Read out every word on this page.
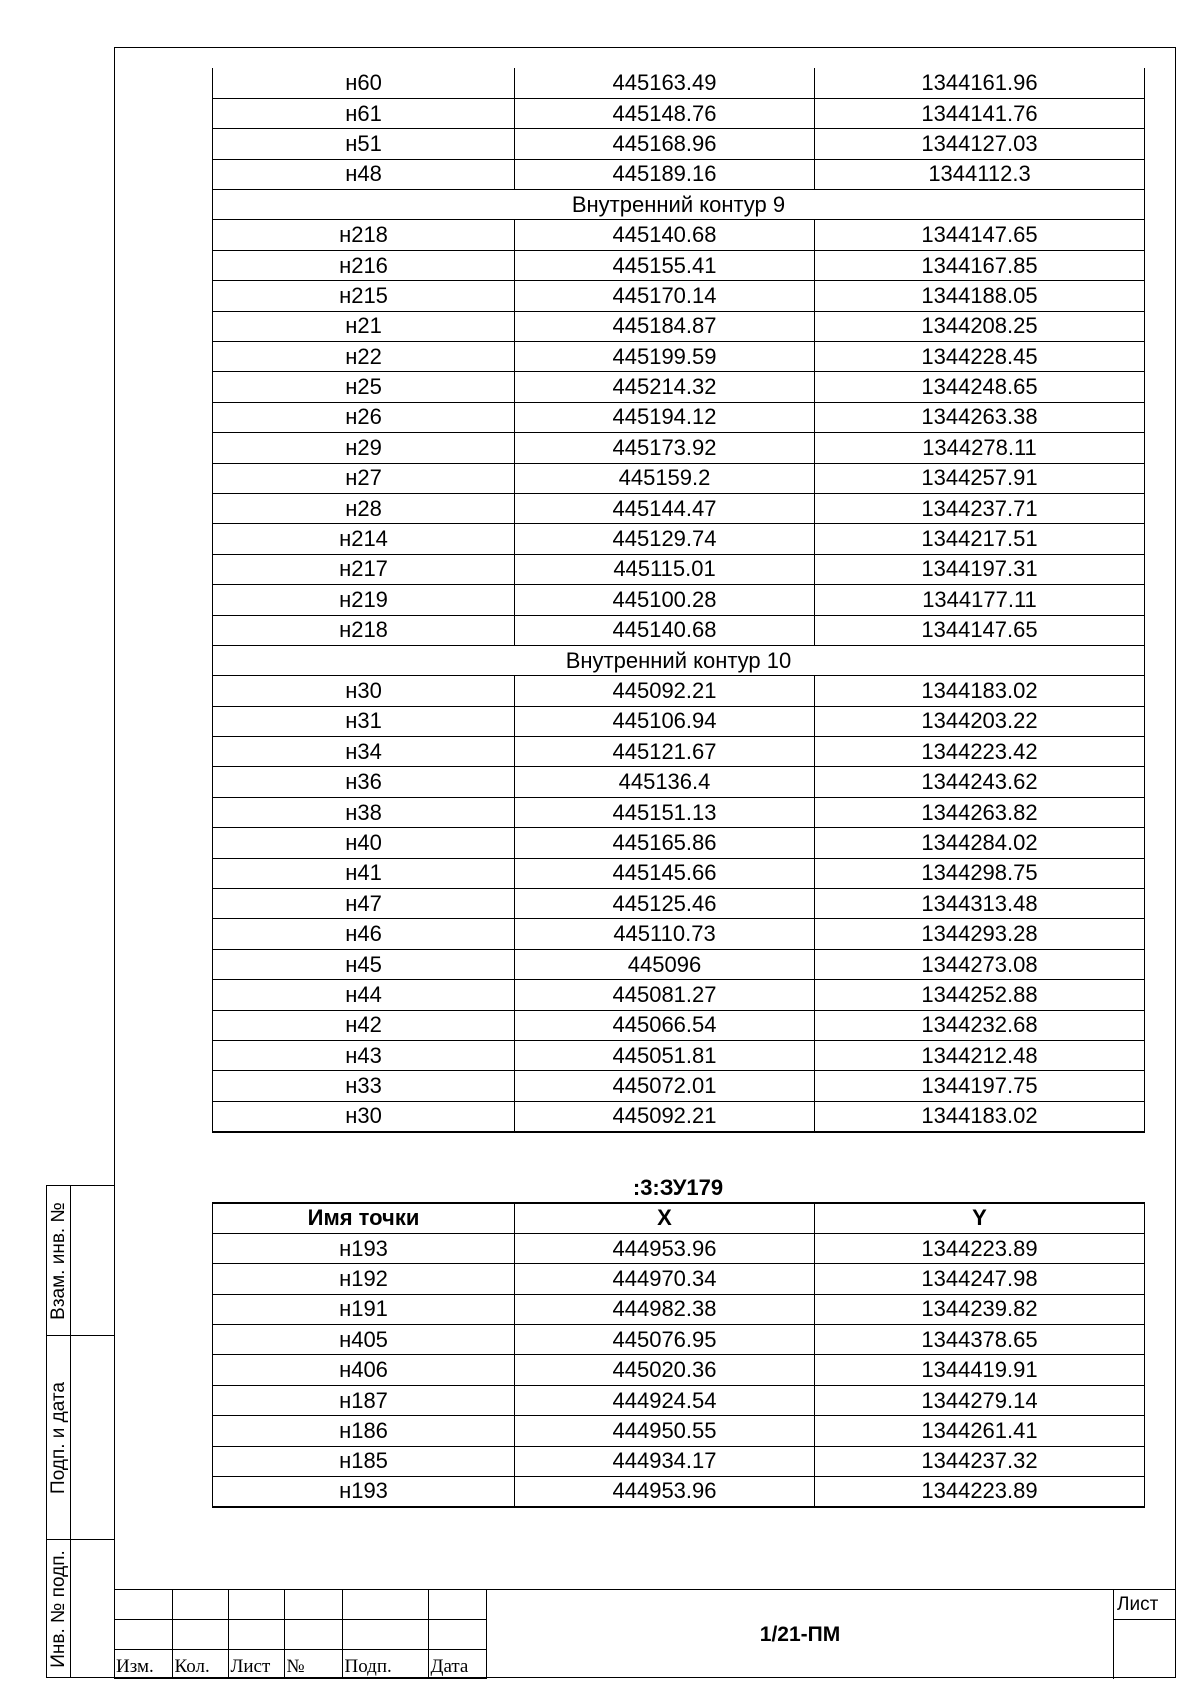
н60	445163.49	1344161.96
н61	445148.76	1344141.76
н51	445168.96	1344127.03
н48	445189.16	1344112.3
Внутренний контур 9		
н218	445140.68	1344147.65
н216	445155.41	1344167.85
н215	445170.14	1344188.05
н21	445184.87	1344208.25
н22	445199.59	1344228.45
н25	445214.32	1344248.65
н26	445194.12	1344263.38
н29	445173.92	1344278.11
н27	445159.2	1344257.91
н28	445144.47	1344237.71
н214	445129.74	1344217.51
н217	445115.01	1344197.31
н219	445100.28	1344177.11
н218	445140.68	1344147.65
Внутренний контур 10		
н30	445092.21	1344183.02
н31	445106.94	1344203.22
н34	445121.67	1344223.42
н36	445136.4	1344243.62
н38	445151.13	1344263.82
н40	445165.86	1344284.02
н41	445145.66	1344298.75
н47	445125.46	1344313.48
н46	445110.73	1344293.28
н45	445096	1344273.08
н44	445081.27	1344252.88
н42	445066.54	1344232.68
н43	445051.81	1344212.48
н33	445072.01	1344197.75
н30	445092.21	1344183.02
:3:ЗУ179
Имя точки	X	Y
н193	444953.96	1344223.89
н192	444970.34	1344247.98
н191	444982.38	1344239.82
н405	445076.95	1344378.65
н406	445020.36	1344419.91
н187	444924.54	1344279.14
н186	444950.55	1344261.41
н185	444934.17	1344237.32
н193	444953.96	1344223.89
Взам. инв. №
Подп. и дата
Инв. № подп.

						Изм.	Кол.	Лист	№	Подп.	Дата
1/21-ПМ
Лист
